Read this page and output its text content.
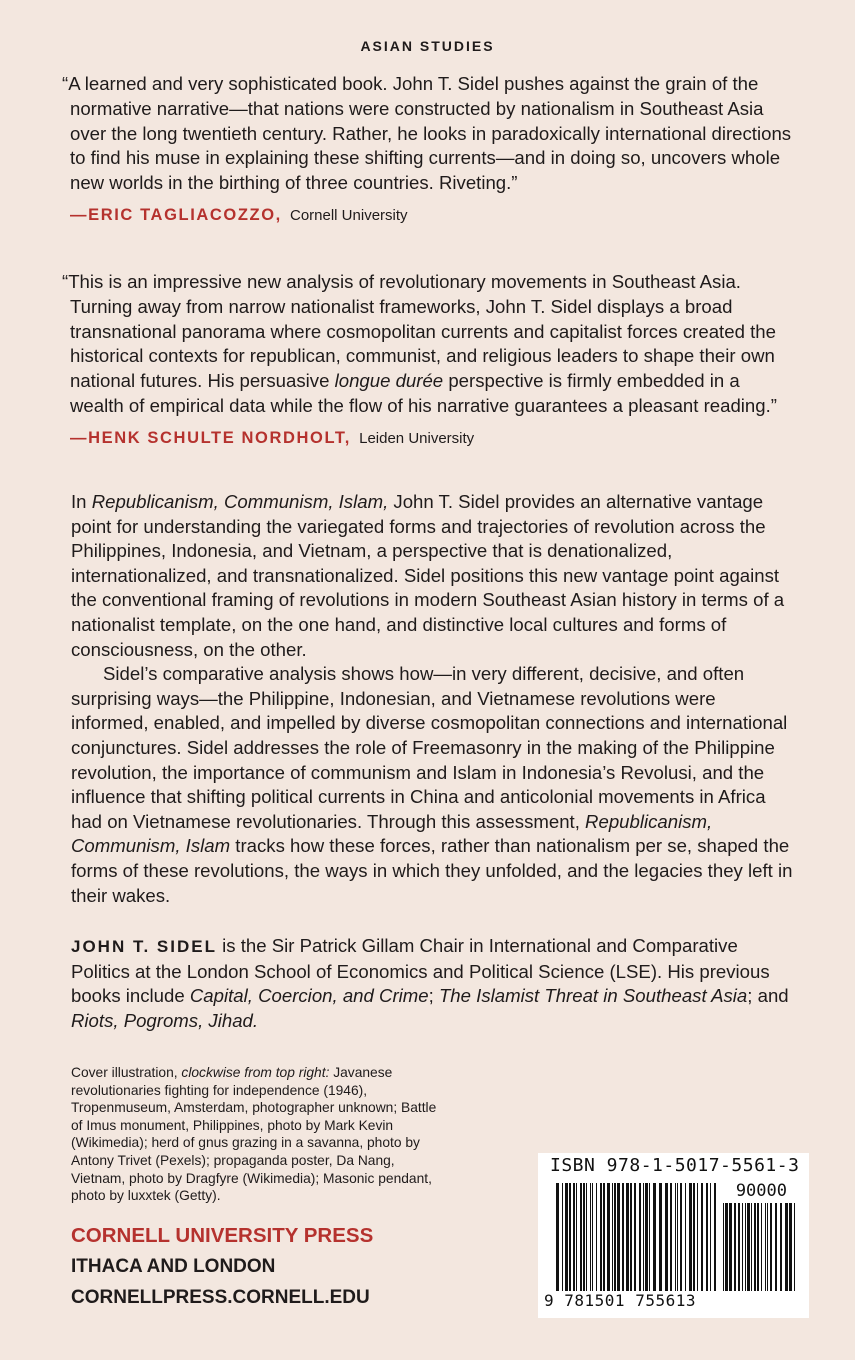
ASIAN STUDIES

“A learned and very sophisticated book. John T. Sidel pushes against the grain of the normative narrative—that nations were constructed by nationalism in Southeast Asia over the long twentieth century. Rather, he looks in paradoxically international directions to find his muse in explaining these shifting currents—and in doing so, uncovers whole new worlds in the birthing of three countries. Riveting.”

—ERIC TAGLIACOZZO, Cornell University

“This is an impressive new analysis of revolutionary movements in Southeast Asia. Turning away from narrow nationalist frameworks, John T. Sidel displays a broad transnational panorama where cosmopolitan currents and capitalist forces created the historical contexts for republican, communist, and religious leaders to shape their own national futures. His persuasive longue durée perspective is firmly embedded in a wealth of empirical data while the flow of his narrative guarantees a pleasant reading.”

—HENK SCHULTE NORDHOLT, Leiden University

In Republicanism, Communism, Islam, John T. Sidel provides an alternative vantage point for understanding the variegated forms and trajectories of revolution across the Philippines, Indonesia, and Vietnam, a perspective that is denationalized, internationalized, and transnationalized. Sidel positions this new vantage point against the conventional framing of revolutions in modern Southeast Asian history in terms of a nationalist template, on the one hand, and distinctive local cultures and forms of consciousness, on the other.

Sidel’s comparative analysis shows how—in very different, decisive, and often surprising ways—the Philippine, Indonesian, and Vietnamese revolutions were informed, enabled, and impelled by diverse cosmopolitan connections and international conjunctures. Sidel addresses the role of Freemasonry in the making of the Philippine revolution, the importance of communism and Islam in Indonesia’s Revolusi, and the influence that shifting political currents in China and anticolonial movements in Africa had on Vietnamese revolutionaries. Through this assessment, Republicanism, Communism, Islam tracks how these forces, rather than nationalism per se, shaped the forms of these revolutions, the ways in which they unfolded, and the legacies they left in their wakes.

JOHN T. SIDEL is the Sir Patrick Gillam Chair in International and Comparative Politics at the London School of Economics and Political Science (LSE). His previous books include Capital, Coercion, and Crime; The Islamist Threat in Southeast Asia; and Riots, Pogroms, Jihad.
Cover illustration, clockwise from top right: Javanese revolutionaries fighting for independence (1946), Tropenmuseum, Amsterdam, photographer unknown; Battle of Imus monument, Philippines, photo by Mark Kevin (Wikimedia); herd of gnus grazing in a savanna, photo by Antony Trivet (Pexels); propaganda poster, Da Nang, Vietnam, photo by Dragfyre (Wikimedia); Masonic pendant, photo by luxxtek (Getty).
CORNELL UNIVERSITY PRESS
ITHACA AND LONDON
CORNELLPRESS.CORNELL.EDU
ISBN 978-1-5017-5561-3
90000
9 781501 755613
